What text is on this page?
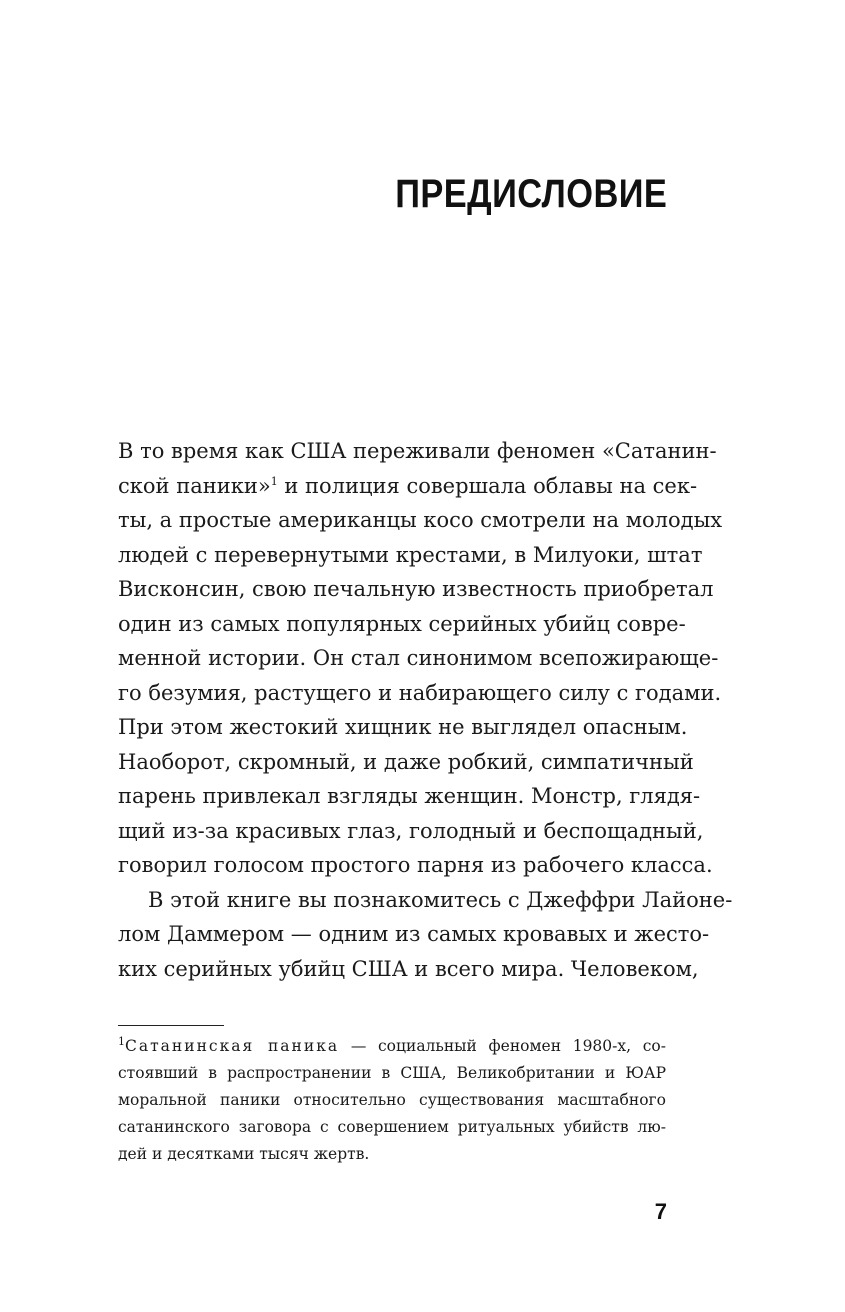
ПРЕДИСЛОВИЕ
В то время как США переживали феномен «Сатанин-
ской паники»$^1$ и полиция совершала облавы на сек-
ты, а простые американцы косо смотрели на молодых
людей с перевернутыми крестами, в Милуоки, штат
Висконсин, свою печальную известность приобретал
один из самых популярных серийных убийц совре-
менной истории. Он стал синонимом всепожирающе-
го безумия, растущего и набирающего силу с годами.
При этом жестокий хищник не выглядел опасным.
Наоборот, скромный, и даже робкий, симпатичный
парень привлекал взгляды женщин. Монстр, глядя-
щий из-за красивых глаз, голодный и беспощадный,
говорил голосом простого парня из рабочего класса.
В этой книге вы познакомитесь с Джеффри Лайоне-
лом Даммером — одним из самых кровавых и жесто-
ких серийных убийц США и всего мира. Человеком,
$^1$Сатанинская паника — социальный феномен 1980-х, со-
стоявший в распространении в США, Великобритании и ЮАР
моральной паники относительно существования масштабного
сатанинского заговора с совершением ритуальных убийств лю-
дей и десятками тысяч жертв.
7
